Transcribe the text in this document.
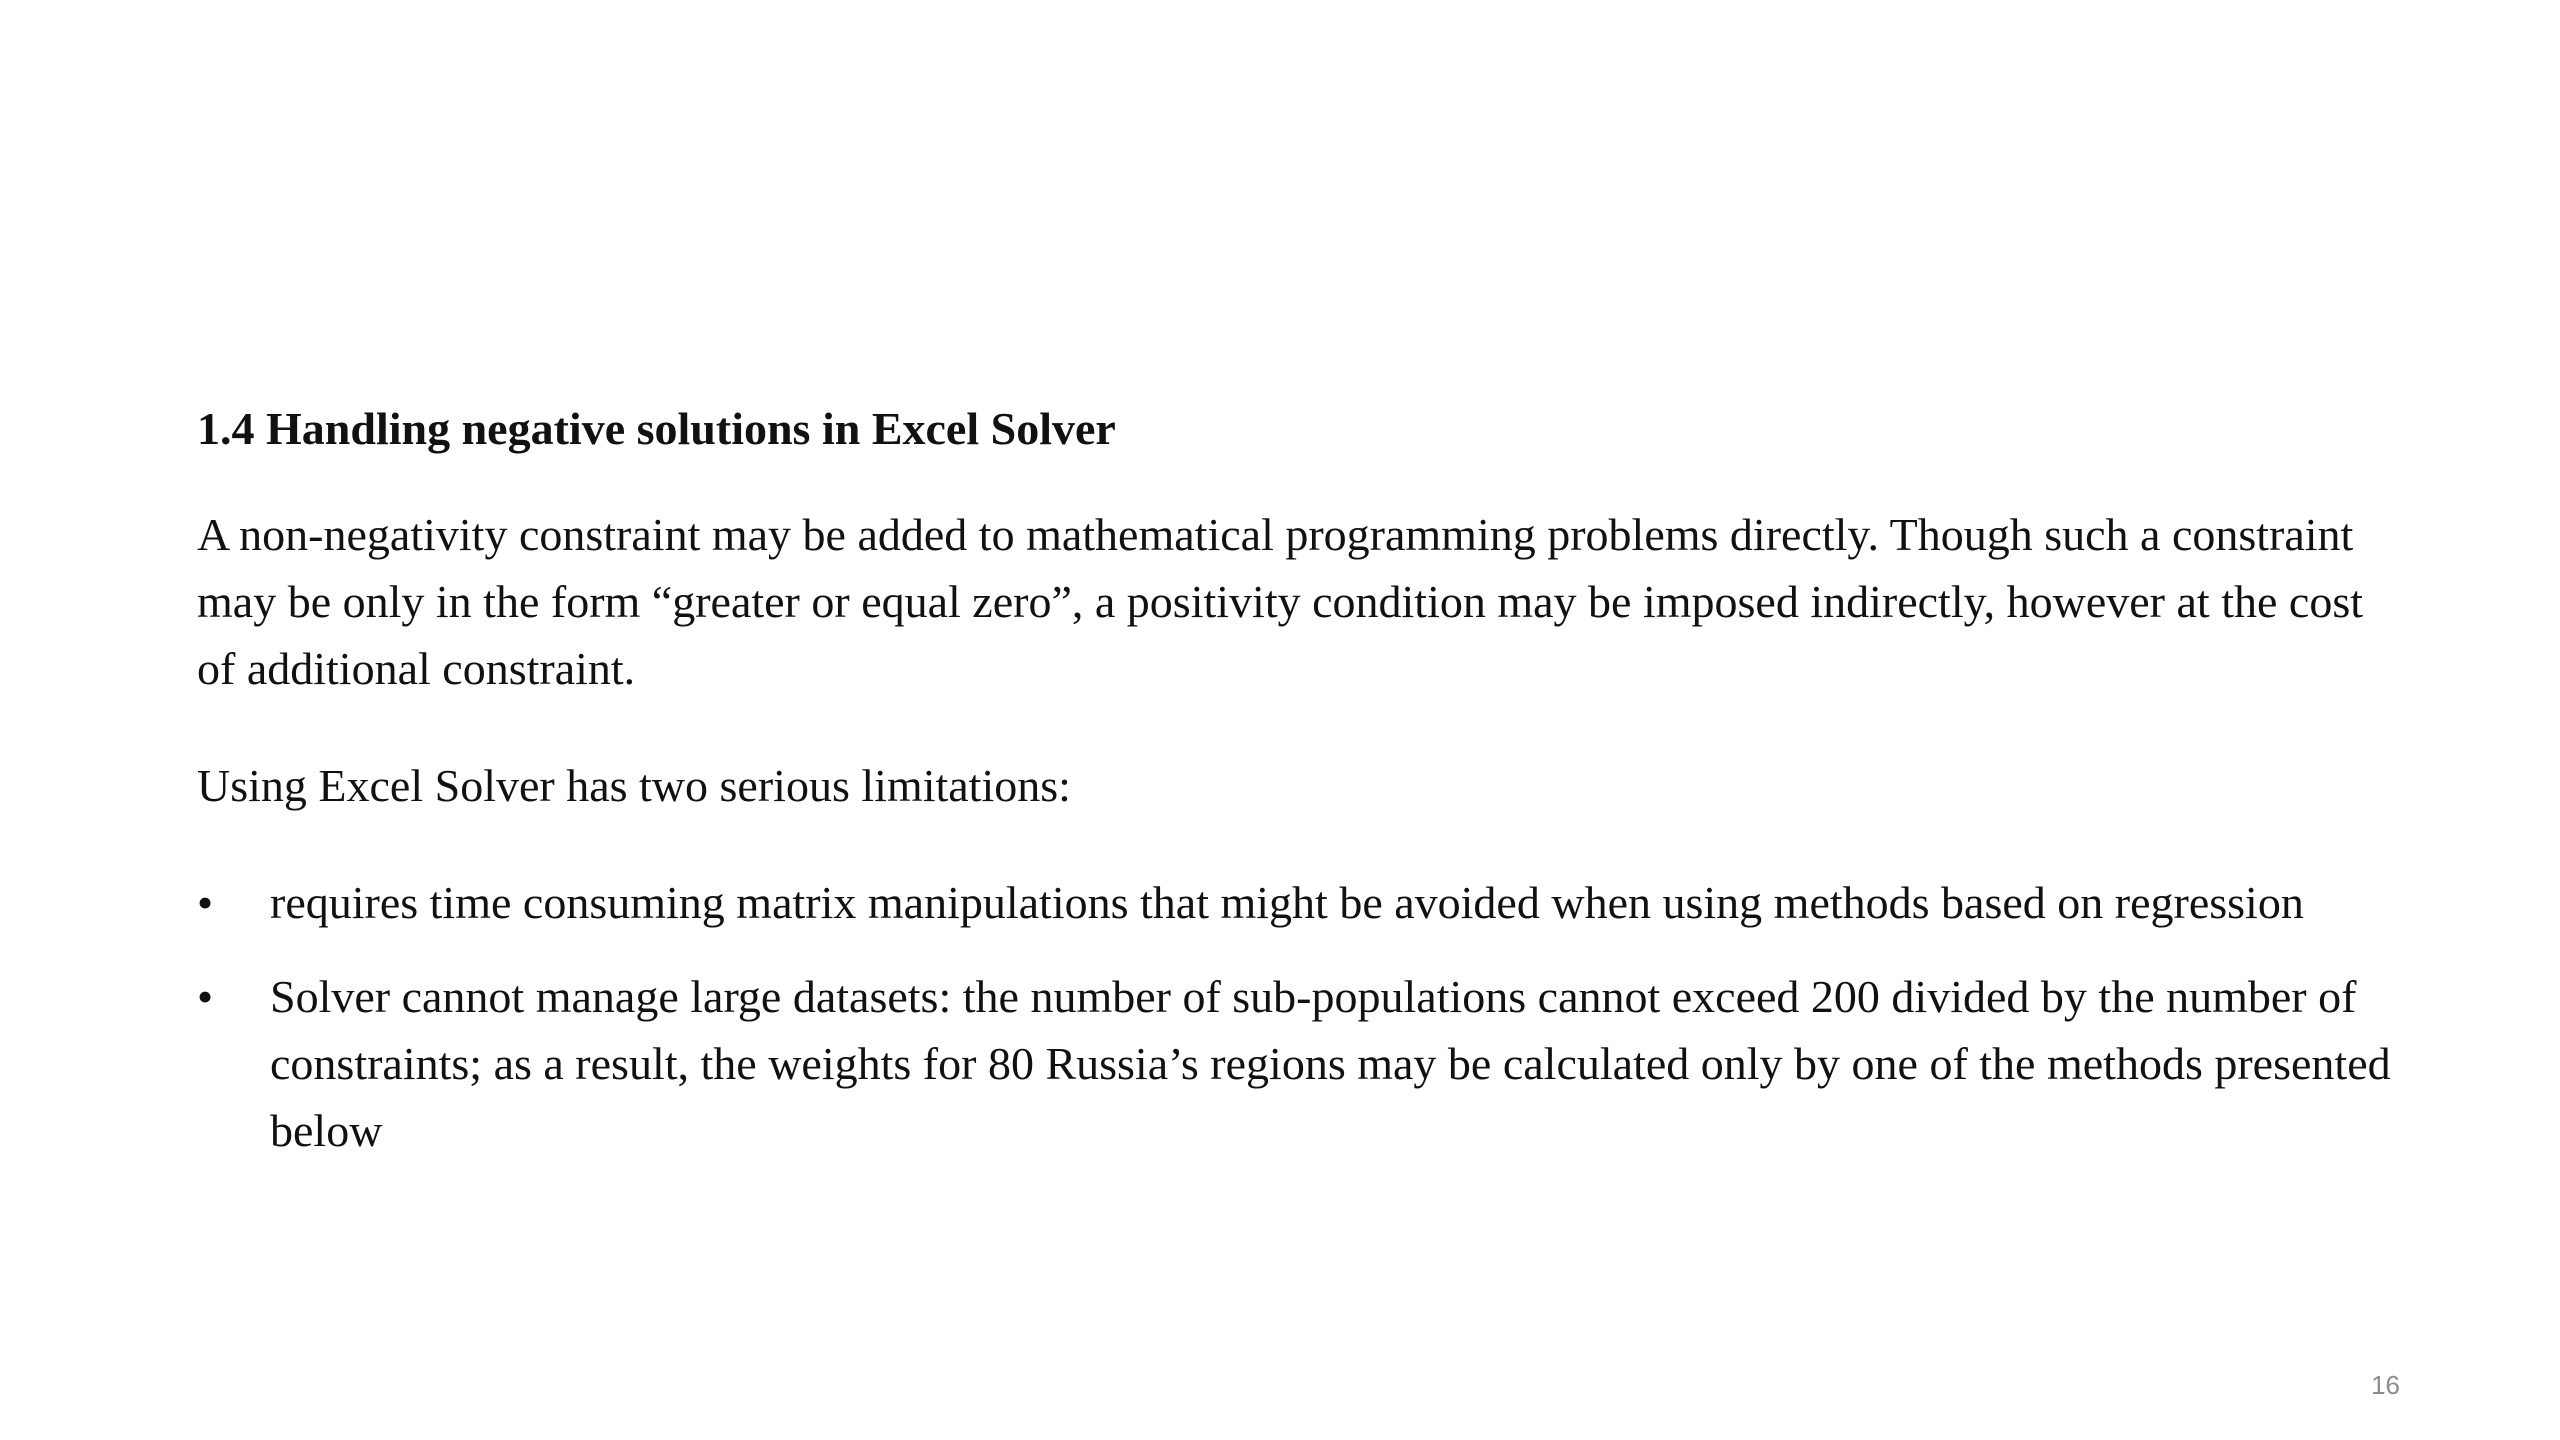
1.4 Handling negative solutions in Excel Solver

A non-negativity constraint may be added to mathematical programming problems directly. Though such a constraint may be only in the form “greater or equal zero”, a positivity condition may be imposed indirectly, however at the cost of additional constraint.

Using Excel Solver has two serious limitations:

• requires time consuming matrix manipulations that might be avoided when using methods based on regression
• Solver cannot manage large datasets: the number of sub-populations cannot exceed 200 divided by the number of constraints; as a result, the weights for 80 Russia’s regions may be calculated only by one of the methods presented below
16
